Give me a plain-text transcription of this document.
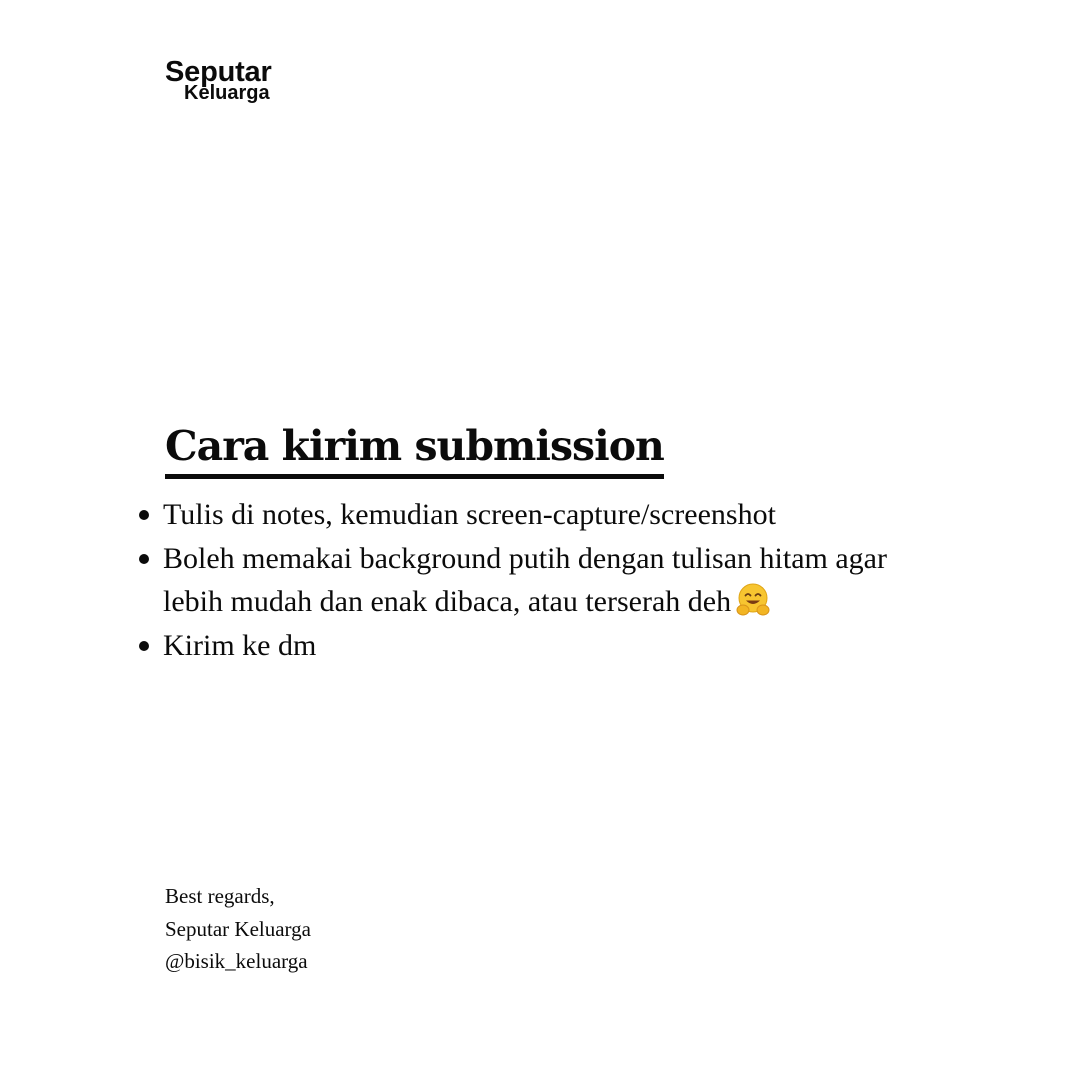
Seputar
Keluarga
Cara kirim submission
Tulis di notes, kemudian screen-capture/screenshot
Boleh memakai background putih dengan tulisan hitam agar lebih mudah dan enak dibaca, atau terserah deh
Kirim ke dm
Best regards,
Seputar Keluarga
@bisik_keluarga
